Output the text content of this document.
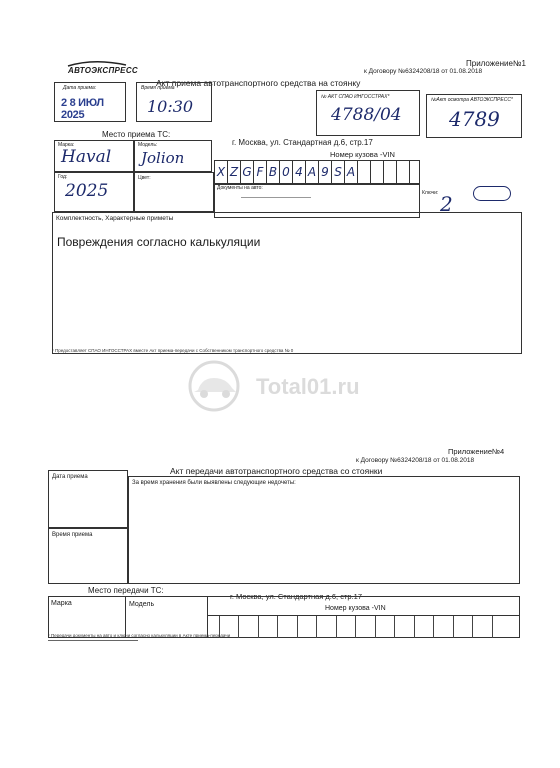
Приложение№1
к Договору №6324208/18 от 01.08.2018
АВТОЭКСПРЕСС
Акт приема автотранспортного средства на стоянку
Дата приема:
2 8 ИЮЛ 2025
Время приема
10:30	№ АКТ СПАО ИНГОССТРАХ*
4788/04
№Акт осмотра АВТОЭКСПРЕСС*
4789
Место приема ТС:
г. Москва, ул. Стандартная д.6, стр.17
Марка:
Haval
Модель:
Jolion	Номер кузова -VIN
X Z G F B 0 4 A 9 S A
Год:
2025
Цвет:
Документы на авто:
Ключи: 2
Комплектность, Характерные приметы
Повреждения согласно калькуляции
* Предоставляет СПАО ИНГОССТРАХ вместе Акт приема-передачи с Собственником транспортного средства № 0
Total01.ru
Приложение№4
к Договору №6324208/18 от 01.08.2018
Акт передачи автотранспортного средства со стоянки
Дата приема
Время приема
За время хранения были выявлены следующие недочеты:
Место передачи ТС:
г. Москва, ул. Стандартная д.6, стр.17
Марка	Модель
Номер кузова -VIN
* Передачи документы на авто и ключи согласно калькуляции в Акте приема-передачи
